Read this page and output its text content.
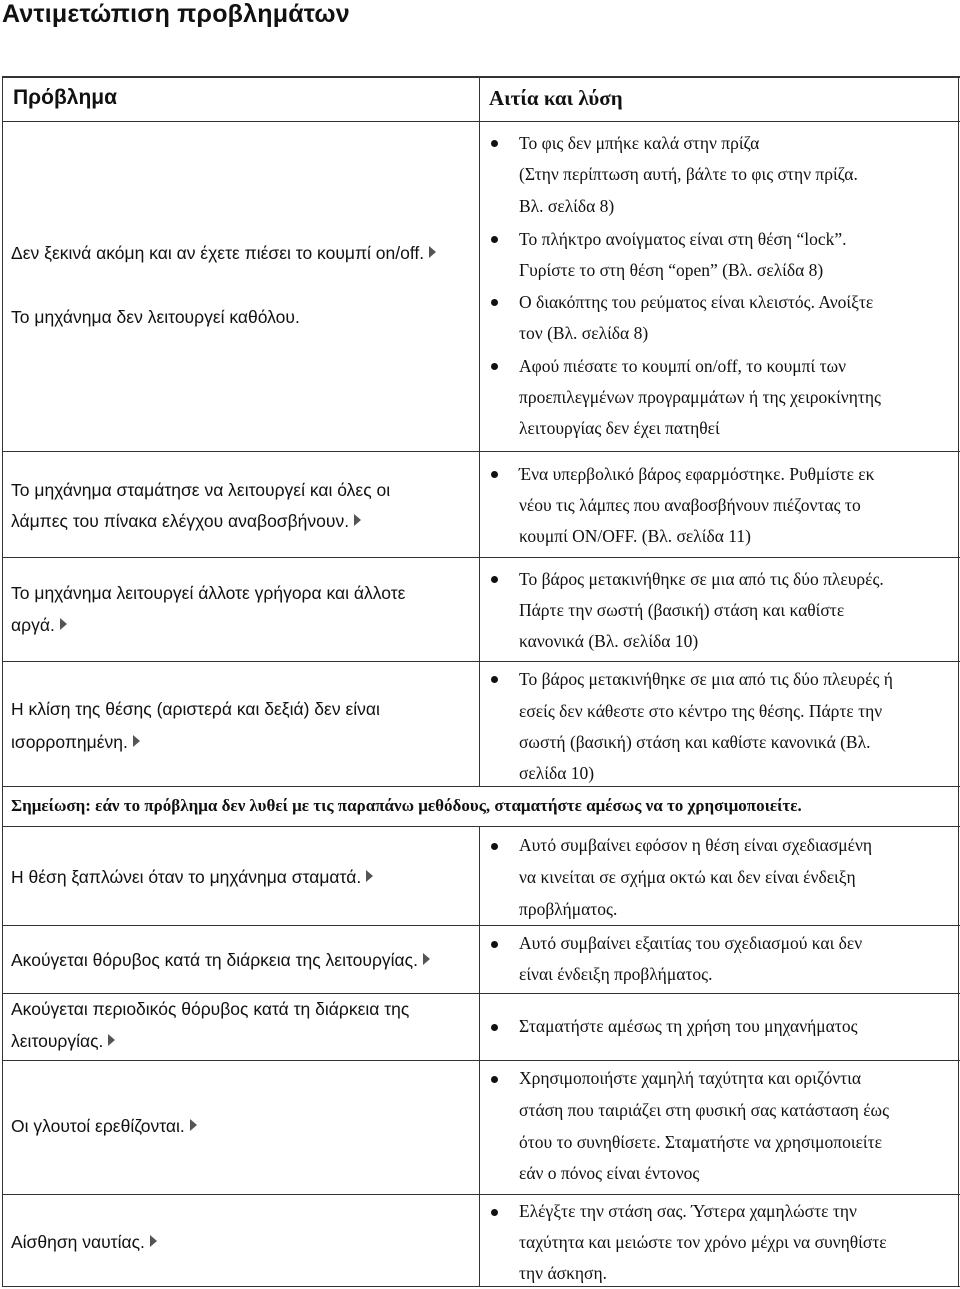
Αντιμετώπιση προβλημάτων
Πρόβλημα	Αιτία και λύση
Δεν ξεκινά ακόμη και αν έχετε πιέσει το κουμπί on/off.
Το μηχάνημα δεν λειτουργεί καθόλου.
Το φις δεν μπήκε καλά στην πρίζα
(Στην περίπτωση αυτή, βάλτε το φις στην πρίζα.
Βλ. σελίδα 8)
Το πλήκτρο ανοίγματος είναι στη θέση “lock”.
Γυρίστε το στη θέση “open” (Βλ. σελίδα 8)
Ο διακόπτης του ρεύματος είναι κλειστός. Ανοίξτε
τον (Βλ. σελίδα 8)
Αφού πιέσατε το κουμπί on/off, το κουμπί των
προεπιλεγμένων προγραμμάτων ή της χειροκίνητης
λειτουργίας δεν έχει πατηθεί
Το μηχάνημα σταμάτησε να λειτουργεί και όλες οι
λάμπες του πίνακα ελέγχου αναβοσβήνουν.
Ένα υπερβολικό βάρος εφαρμόστηκε. Ρυθμίστε εκ
νέου τις λάμπες που αναβοσβήνουν πιέζοντας το
κουμπί ON/OFF. (Βλ. σελίδα 11)
Το μηχάνημα λειτουργεί άλλοτε γρήγορα και άλλοτε
αργά.
Το βάρος μετακινήθηκε σε μια από τις δύο πλευρές.
Πάρτε την σωστή (βασική) στάση και καθίστε
κανονικά (Βλ. σελίδα 10)
Η κλίση της θέσης (αριστερά και δεξιά) δεν είναι
ισορροπημένη.
Το βάρος μετακινήθηκε σε μια από τις δύο πλευρές ή
εσείς δεν κάθεστε στο κέντρο της θέσης. Πάρτε την
σωστή (βασική) στάση και καθίστε κανονικά (Βλ.
σελίδα 10)
Σημείωση: εάν το πρόβλημα δεν λυθεί με τις παραπάνω μεθόδους, σταματήστε αμέσως να το χρησιμοποιείτε.
Η θέση ξαπλώνει όταν το μηχάνημα σταματά.
Αυτό συμβαίνει εφόσον η θέση είναι σχεδιασμένη
να κινείται σε σχήμα οκτώ και δεν είναι ένδειξη
προβλήματος.
Ακούγεται θόρυβος κατά τη διάρκεια της λειτουργίας.
Αυτό συμβαίνει εξαιτίας του σχεδιασμού και δεν
είναι ένδειξη προβλήματος.
Ακούγεται περιοδικός θόρυβος κατά τη διάρκεια της
λειτουργίας.
Σταματήστε αμέσως τη χρήση του μηχανήματος
Οι γλουτοί ερεθίζονται.
Χρησιμοποιήστε χαμηλή ταχύτητα και οριζόντια
στάση που ταιριάζει στη φυσική σας κατάσταση έως
ότου το συνηθίσετε. Σταματήστε να χρησιμοποιείτε
εάν ο πόνος είναι έντονος
Αίσθηση ναυτίας.
Ελέγξτε την στάση σας. Ύστερα χαμηλώστε την
ταχύτητα και μειώστε τον χρόνο μέχρι να συνηθίστε
την άσκηση.
